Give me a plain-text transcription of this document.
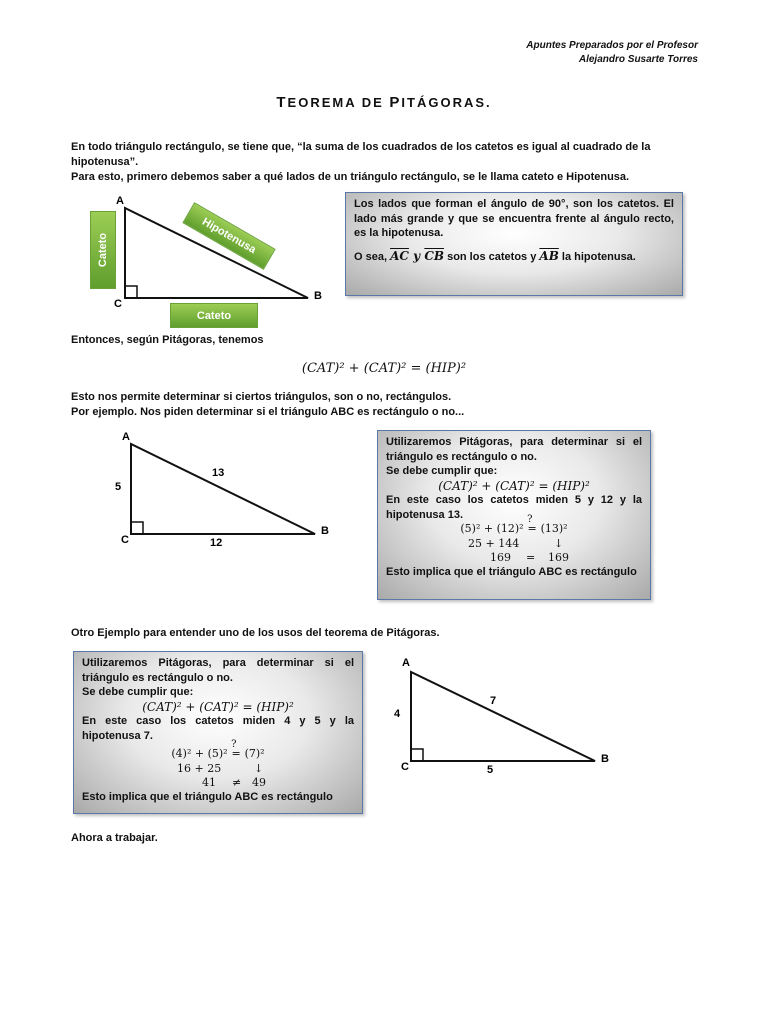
Apuntes Preparados por el Profesor
Alejandro Susarte Torres
TEOREMA DE PITÁGORAS.
En todo triángulo rectángulo, se tiene que, “la suma de los cuadrados de los catetos es igual al cuadrado de la hipotenusa”.
Para esto, primero debemos saber a qué lados de un triángulo rectángulo, se le llama cateto e Hipotenusa.
A
B
C
Cateto
Cateto
Hipotenusa
Los lados que forman el ángulo de 90°, son los catetos. El lado más grande y que se encuentra frente al ángulo recto, es la hipotenusa.
O sea, $\overline{AC}$ y $\overline{CB}$ son los catetos y $\overline{AB}$ la hipotenusa.
Entonces, según Pitágoras, tenemos
(CAT)² + (CAT)² = (HIP)²
Esto nos permite determinar si ciertos triángulos, son o no, rectángulos.
Por ejemplo. Nos piden determinar si el triángulo ABC es rectángulo o no...
A
B
C
5
12
13
Utilizaremos Pitágoras, para determinar si el triángulo es rectángulo o no.
Se debe cumplir que:
(CAT)² + (CAT)² = (HIP)²
En este caso los catetos miden 5 y 12 y la hipotenusa 13.
(5)² + (12)²
?
= (13)²
25 + 144	↓
169 = 169
Esto implica que el triángulo ABC es rectángulo
Otro Ejemplo para entender uno de los usos del teorema de Pitágoras.
Utilizaremos Pitágoras, para determinar si el triángulo es rectángulo o no.
Se debe cumplir que:
(CAT)² + (CAT)² = (HIP)²
En este caso los catetos miden 4 y 5 y la hipotenusa 7.
(4)² + (5)²
?
= (7)²
16 + 25	↓
41 ≠ 49
Esto implica que el triángulo ABC es rectángulo
A
B
C
4
5
7
Ahora a trabajar.
